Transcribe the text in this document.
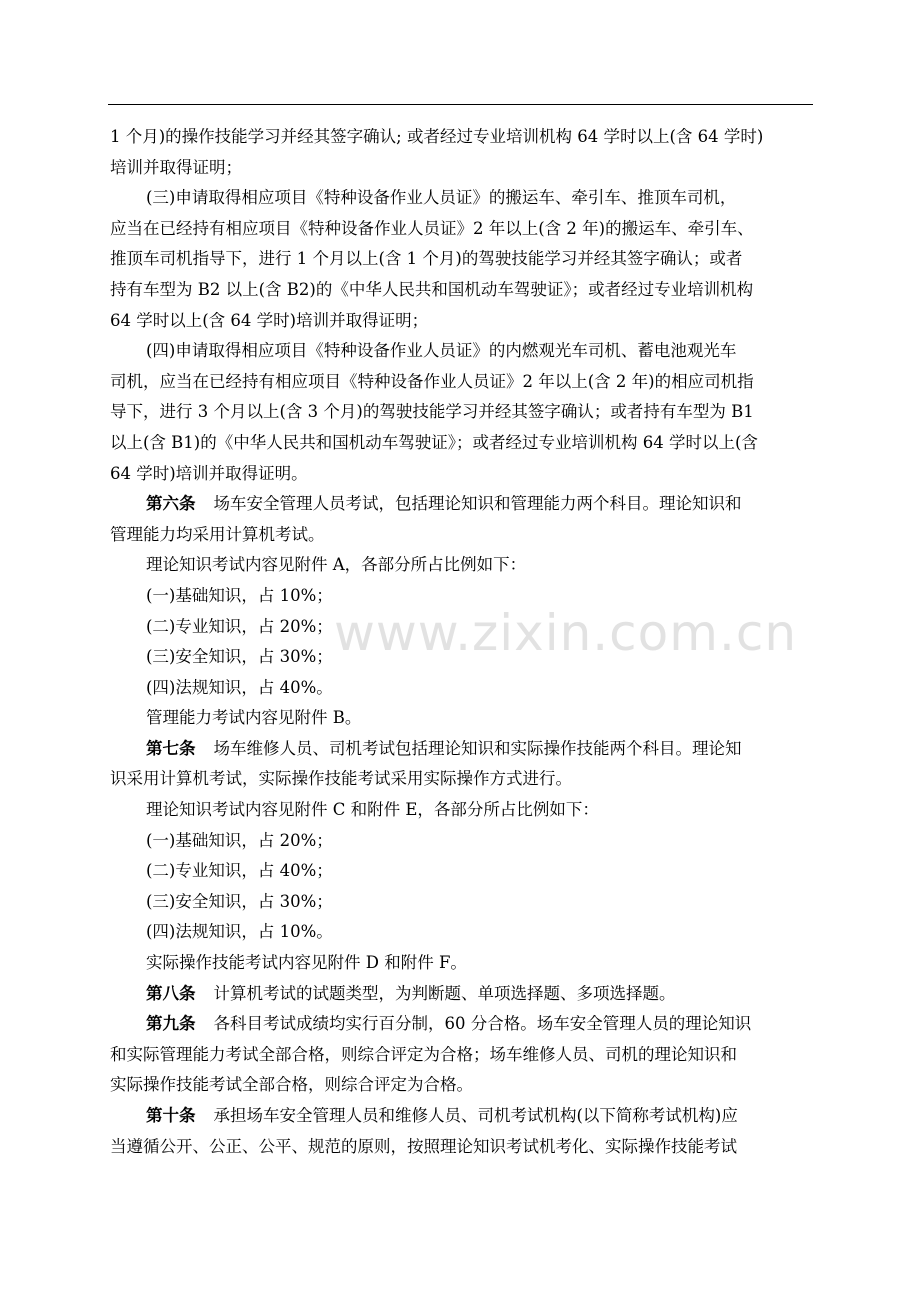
www.zixin.com.cn
1 个月)的操作技能学习并经其签字确认; 或者经过专业培训机构 64 学时以上(含 64 学时)
培训并取得证明；
(三)申请取得相应项目《特种设备作业人员证》的搬运车、牵引车、推顶车司机，
应当在已经持有相应项目《特种设备作业人员证》2 年以上(含 2 年)的搬运车、牵引车、
推顶车司机指导下，进行 1 个月以上(含 1 个月)的驾驶技能学习并经其签字确认；或者
持有车型为 B2 以上(含 B2)的《中华人民共和国机动车驾驶证》；或者经过专业培训机构
64 学时以上(含 64 学时)培训并取得证明；
(四)申请取得相应项目《特种设备作业人员证》的内燃观光车司机、蓄电池观光车
司机，应当在已经持有相应项目《特种设备作业人员证》2 年以上(含 2 年)的相应司机指
导下，进行 3 个月以上(含 3 个月)的驾驶技能学习并经其签字确认；或者持有车型为 B1
以上(含 B1)的《中华人民共和国机动车驾驶证》；或者经过专业培训机构 64 学时以上(含
64 学时)培训并取得证明。
第六条 场车安全管理人员考试，包括理论知识和管理能力两个科目。理论知识和
管理能力均采用计算机考试。
理论知识考试内容见附件 A，各部分所占比例如下：
(一)基础知识，占 10%；
(二)专业知识，占 20%；
(三)安全知识，占 30%；
(四)法规知识，占 40%。
管理能力考试内容见附件 B。
第七条 场车维修人员、司机考试包括理论知识和实际操作技能两个科目。理论知
识采用计算机考试，实际操作技能考试采用实际操作方式进行。
理论知识考试内容见附件 C 和附件 E，各部分所占比例如下：
(一)基础知识，占 20%；
(二)专业知识，占 40%；
(三)安全知识，占 30%；
(四)法规知识，占 10%。
实际操作技能考试内容见附件 D 和附件 F。
第八条 计算机考试的试题类型，为判断题、单项选择题、多项选择题。
第九条 各科目考试成绩均实行百分制，60 分合格。场车安全管理人员的理论知识
和实际管理能力考试全部合格，则综合评定为合格；场车维修人员、司机的理论知识和
实际操作技能考试全部合格，则综合评定为合格。
第十条 承担场车安全管理人员和维修人员、司机考试机构(以下简称考试机构)应
当遵循公开、公正、公平、规范的原则，按照理论知识考试机考化、实际操作技能考试
